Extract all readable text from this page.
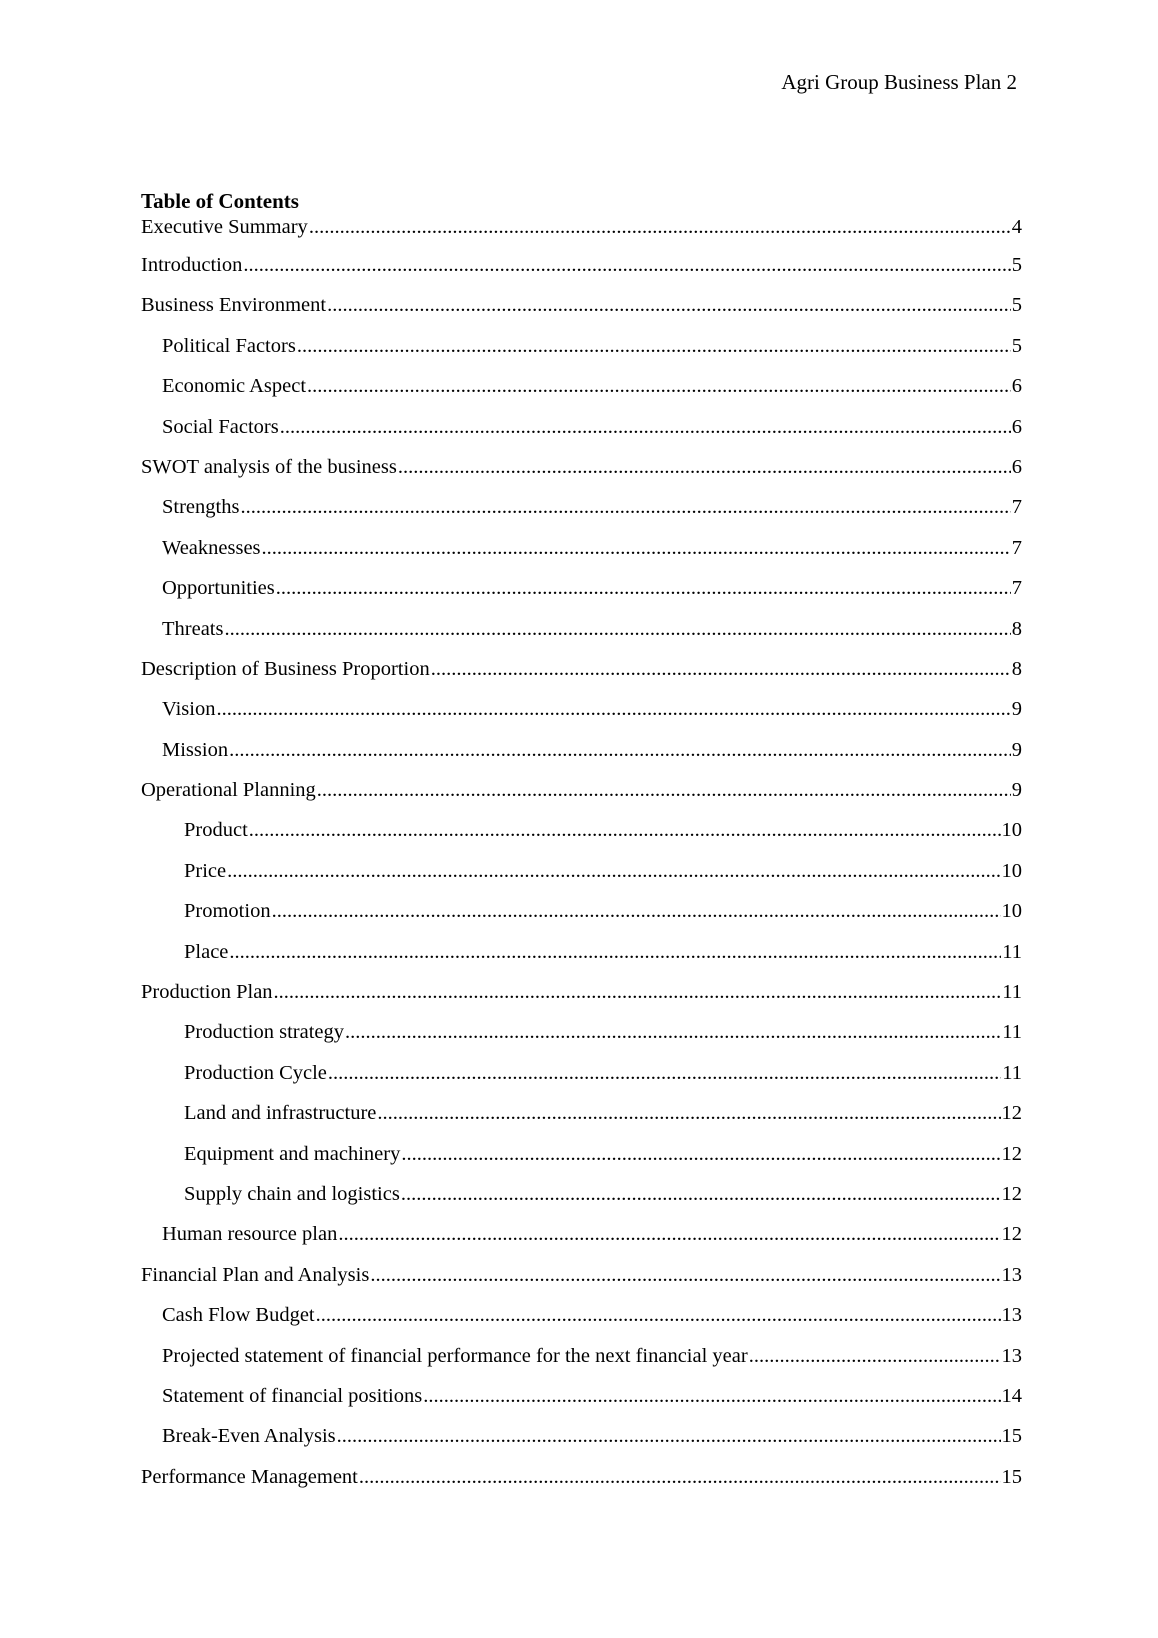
Agri Group Business Plan 2
Table of Contents
Executive Summary .....	4
Introduction .....	5
Business Environment .....	5
Political Factors .....	5
Economic Aspect .....	6
Social Factors .....	6
SWOT analysis of the business .....	6
Strengths .....	7
Weaknesses .....	7
Opportunities .....	7
Threats .....	8
Description of Business Proportion .....	8
Vision .....	9
Mission .....	9
Operational Planning .....	9
Product .....	10
Price .....	10
Promotion .....	10
Place .....	11
Production Plan .....	11
Production strategy .....	11
Production Cycle .....	11
Land and infrastructure .....	12
Equipment and machinery .....	12
Supply chain and logistics .....	12
Human resource plan .....	12
Financial Plan and Analysis .....	13
Cash Flow Budget .....	13
Projected statement of financial performance for the next financial year .....	13
Statement of financial positions .....	14
Break-Even Analysis .....	15
Performance Management .....	15
